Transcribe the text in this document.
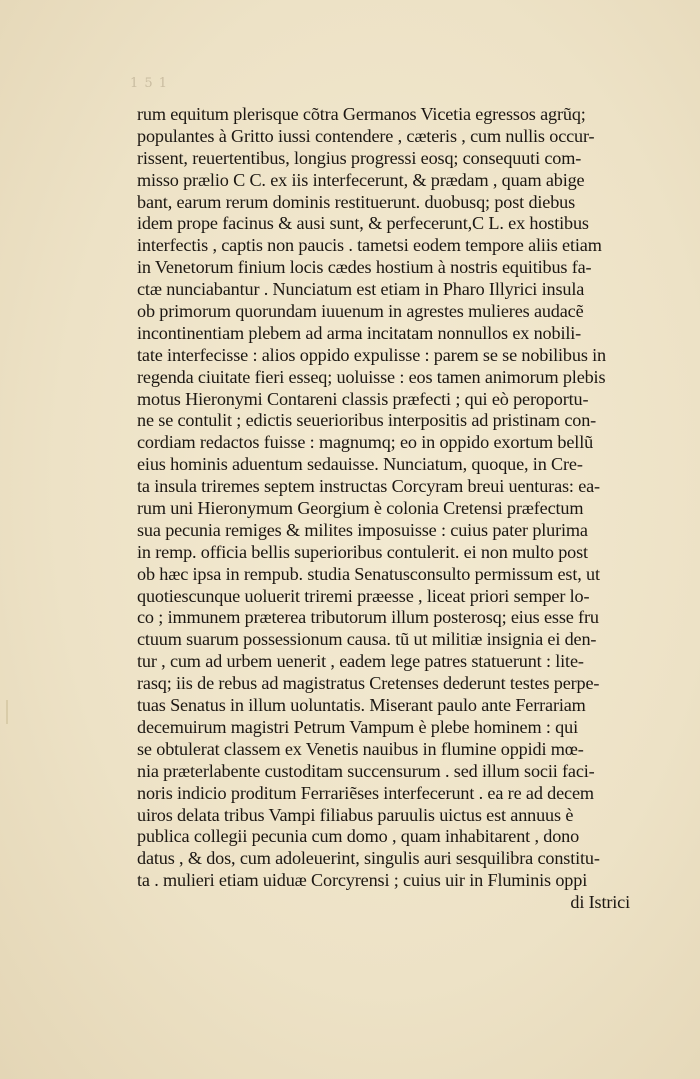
1 5 1
rum equitum plerisque cõtra Germanos Vicetia egressos agrũq;
populantes à Gritto iussi contendere , cæteris , cum nullis occur-
rissent, reuertentibus, longius progressi eosq; consequuti com-
misso prælio C C. ex iis interfecerunt, & prædam , quam abige
bant, earum rerum dominis restituerunt. duobusq; post diebus
idem prope facinus & ausi sunt, & perfecerunt,C L. ex hostibus
interfectis , captis non paucis . tametsi eodem tempore aliis etiam
in Venetorum finium locis cædes hostium à nostris equitibus fa-
ctæ nunciabantur . Nunciatum est etiam in Pharo Illyrici insula
ob primorum quorundam iuuenum in agrestes mulieres audacẽ
incontinentiam plebem ad arma incitatam nonnullos ex nobili-
tate interfecisse : alios oppido expulisse : parem se se nobilibus in
regenda ciuitate fieri esseq; uoluisse : eos tamen animorum plebis
motus Hieronymi Contareni classis præfecti ; qui eò peroportu-
ne se contulit ; edictis seuerioribus interpositis ad pristinam con-
cordiam redactos fuisse : magnumq; eo in oppido exortum bellũ
eius hominis aduentum sedauisse. Nunciatum, quoque, in Cre-
ta insula triremes septem instructas Corcyram breui uenturas: ea-
rum uni Hieronymum Georgium è colonia Cretensi præfectum
sua pecunia remiges & milites imposuisse : cuius pater plurima
in remp. officia bellis superioribus contulerit. ei non multo post
ob hæc ipsa in rempub. studia Senatusconsulto permissum est, ut
quotiescunque uoluerit triremi præesse , liceat priori semper lo-
co ; immunem præterea tributorum illum posterosq; eius esse fru
ctuum suarum possessionum causa. tũ ut militiæ insignia ei den-
tur , cum ad urbem uenerit , eadem lege patres statuerunt : lite-
rasq; iis de rebus ad magistratus Cretenses dederunt testes perpe-
tuas Senatus in illum uoluntatis. Miserant paulo ante Ferrariam
decemuirum magistri Petrum Vampum è plebe hominem : qui
se obtulerat classem ex Venetis nauibus in flumine oppidi mœ-
nia præterlabente custoditam succensurum . sed illum socii faci-
noris indicio proditum Ferrariẽses interfecerunt . ea re ad decem
uiros delata tribus Vampi filiabus paruulis uictus est annuus è
publica collegii pecunia cum domo , quam inhabitarent , dono
datus , & dos, cum adoleuerint, singulis auri sesquilibra constitu-
ta . mulieri etiam uiduæ Corcyrensi ; cuius uir in Fluminis oppi
di Istrici
